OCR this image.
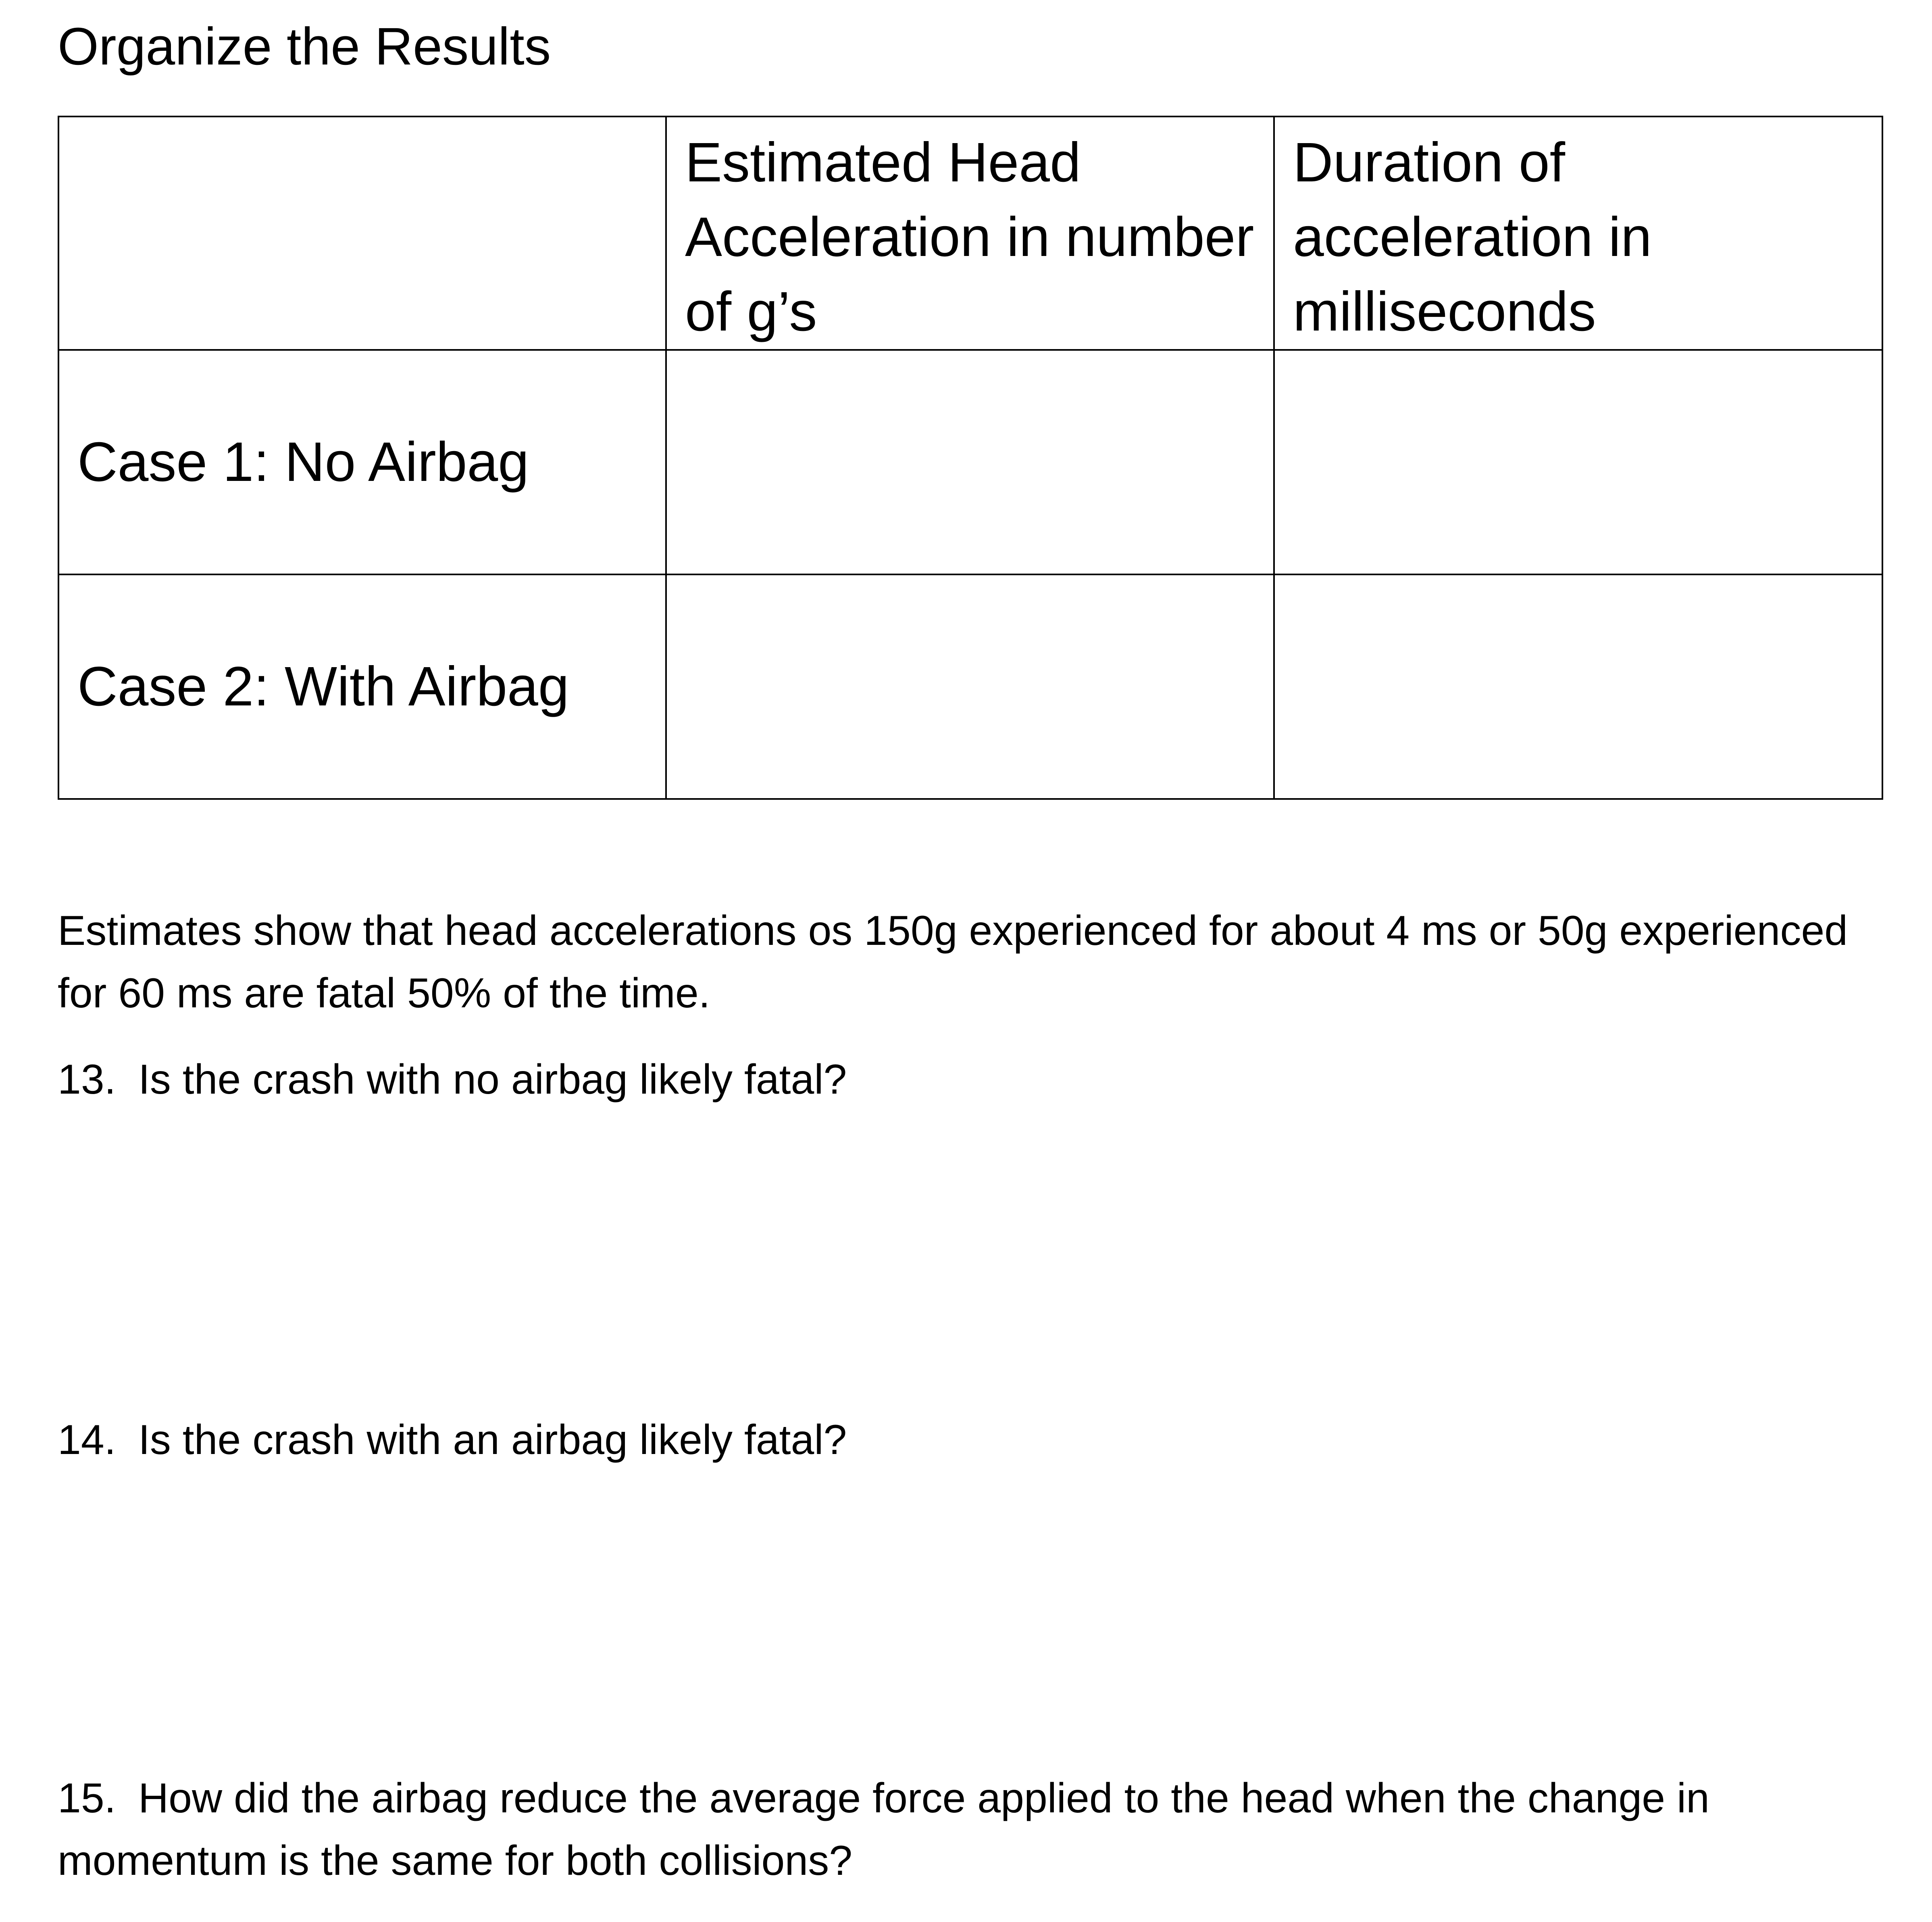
Organize the Results

	Estimated Head Acceleration in number of g’s	Duration of acceleration in milliseconds

Case 1: No Airbag		
Case 2: With Airbag		

Estimates show that head accelerations os 150g experienced for about 4 ms or 50g experienced for 60 ms are fatal 50% of the time.

13. Is the crash with no airbag likely fatal?

14. Is the crash with an airbag likely fatal?

15. How did the airbag reduce the average force applied to the head when the change in momentum is the same for both collisions?
